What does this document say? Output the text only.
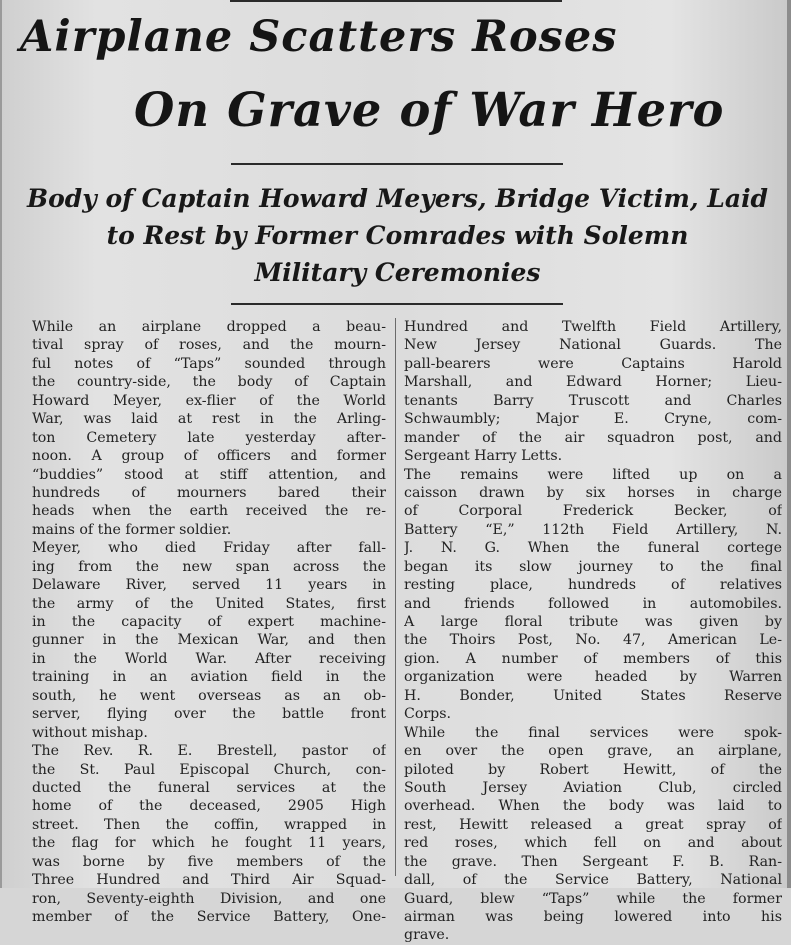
Airplane Scatters Roses
On Grave of War Hero
Body of Captain Howard Meyers, Bridge Victim, Laid
to Rest by Former Comrades with Solemn
Military Ceremonies
While an airplane dropped a beau-
tival spray of roses, and the mourn-
ful notes of “Taps” sounded through
the country-side, the body of Captain
Howard Meyer, ex-flier of the World
War, was laid at rest in the Arling-
ton Cemetery late yesterday after-
noon. A group of officers and former
“buddies” stood at stiff attention, and
hundreds of mourners bared their
heads when the earth received the re-
mains of the former soldier.
Meyer, who died Friday after fall-
ing from the new span across the
Delaware River, served 11 years in
the army of the United States, first
in the capacity of expert machine-
gunner in the Mexican War, and then
in the World War. After receiving
training in an aviation field in the
south, he went overseas as an ob-
server, flying over the battle front
without mishap.
The Rev. R. E. Brestell, pastor of
the St. Paul Episcopal Church, con-
ducted the funeral services at the
home of the deceased, 2905 High
street. Then the coffin, wrapped in
the flag for which he fought 11 years,
was borne by five members of the
Three Hundred and Third Air Squad-
ron, Seventy-eighth Division, and one
member of the Service Battery, One-
Hundred and Twelfth Field Artillery,
New Jersey National Guards. The
pall-bearers were Captains Harold
Marshall, and Edward Horner; Lieu-
tenants Barry Truscott and Charles
Schwaumbly; Major E. Cryne, com-
mander of the air squadron post, and
Sergeant Harry Letts.
The remains were lifted up on a
caisson drawn by six horses in charge
of Corporal Frederick Becker, of
Battery “E,” 112th Field Artillery, N.
J. N. G. When the funeral cortege
began its slow journey to the final
resting place, hundreds of relatives
and friends followed in automobiles.
A large floral tribute was given by
the Thoirs Post, No. 47, American Le-
gion. A number of members of this
organization were headed by Warren
H. Bonder, United States Reserve
Corps.
While the final services were spok-
en over the open grave, an airplane,
piloted by Robert Hewitt, of the
South Jersey Aviation Club, circled
overhead. When the body was laid to
rest, Hewitt released a great spray of
red roses, which fell on and about
the grave. Then Sergeant F. B. Ran-
dall, of the Service Battery, National
Guard, blew “Taps” while the former
airman was being lowered into his
grave.
